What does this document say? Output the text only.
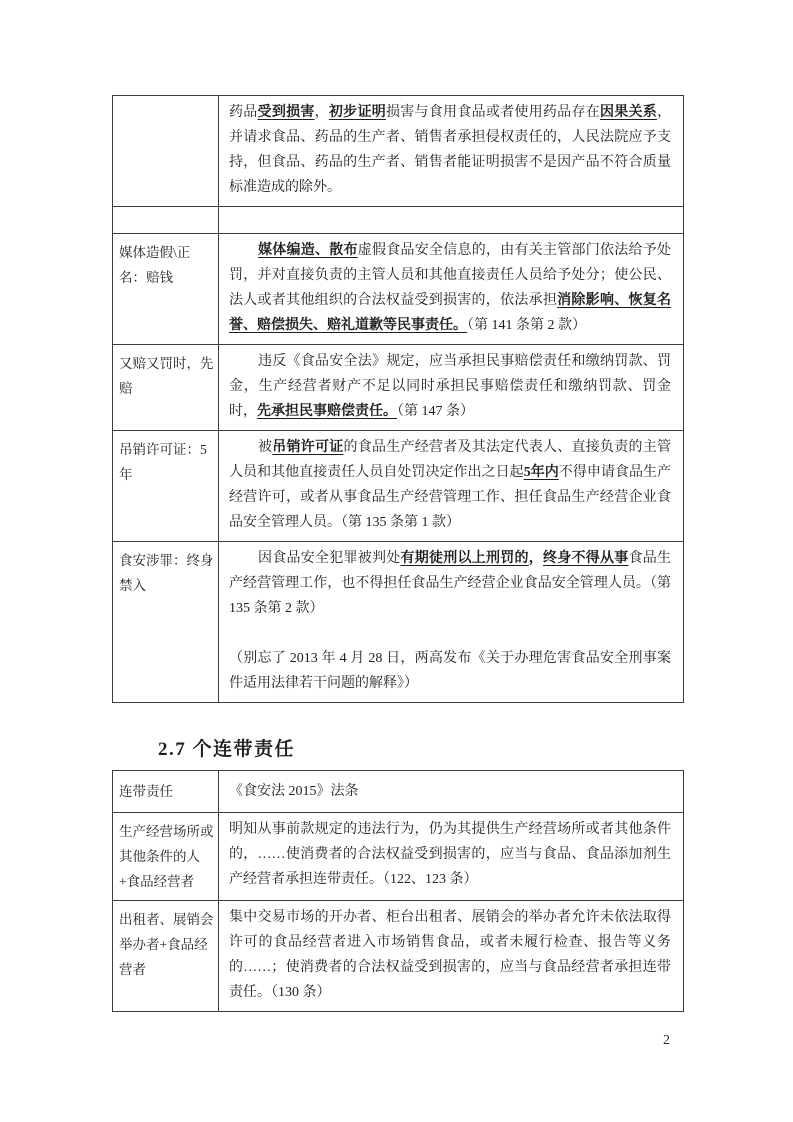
	药品受到损害，初步证明损害与食用食品或者使用药品存在因果关系，并请求食品、药品的生产者、销售者承担侵权责任的，人民法院应予支持，但食品、药品的生产者、销售者能证明损害不是因产品不符合质量标准造成的除外。

媒体造假\正名：赔钱	媒体编造、散布虚假食品安全信息的，由有关主管部门依法给予处罚，并对直接负责的主管人员和其他直接责任人员给予处分；使公民、法人或者其他组织的合法权益受到损害的，依法承担消除影响、恢复名誉、赔偿损失、赔礼道歉等民事责任。（第 141 条第 2 款）

又赔又罚时，先赔	违反《食品安全法》规定，应当承担民事赔偿责任和缴纳罚款、罚金，生产经营者财产不足以同时承担民事赔偿责任和缴纳罚款、罚金时，先承担民事赔偿责任。（第 147 条）

吊销许可证：5年	被吊销许可证的食品生产经营者及其法定代表人、直接负责的主管人员和其他直接责任人员自处罚决定作出之日起5年内不得申请食品生产经营许可，或者从事食品生产经营管理工作、担任食品生产经营企业食品安全管理人员。（第 135 条第 1 款）

食安涉罪：终身禁入	因食品安全犯罪被判处有期徒刑以上刑罚的，终身不得从事食品生产经营管理工作，也不得担任食品生产经营企业食品安全管理人员。（第 135 条第 2 款）

（别忘了 2013 年 4 月 28 日，两高发布《关于办理危害食品安全刑事案件适用法律若干问题的解释》）

2.7 个连带责任
连带责任	《食安法 2015》法条

生产经营场所或其他条件的人 +食品经营者	明知从事前款规定的违法行为，仍为其提供生产经营场所或者其他条件的，……使消费者的合法权益受到损害的，应当与食品、食品添加剂生产经营者承担连带责任。（122、123 条）

出租者、展销会举办者+食品经营者	集中交易市场的开办者、柜台出租者、展销会的举办者允许未依法取得许可的食品经营者进入市场销售食品，或者未履行检查、报告等义务的……；使消费者的合法权益受到损害的，应当与食品经营者承担连带责任。（130 条）

2
